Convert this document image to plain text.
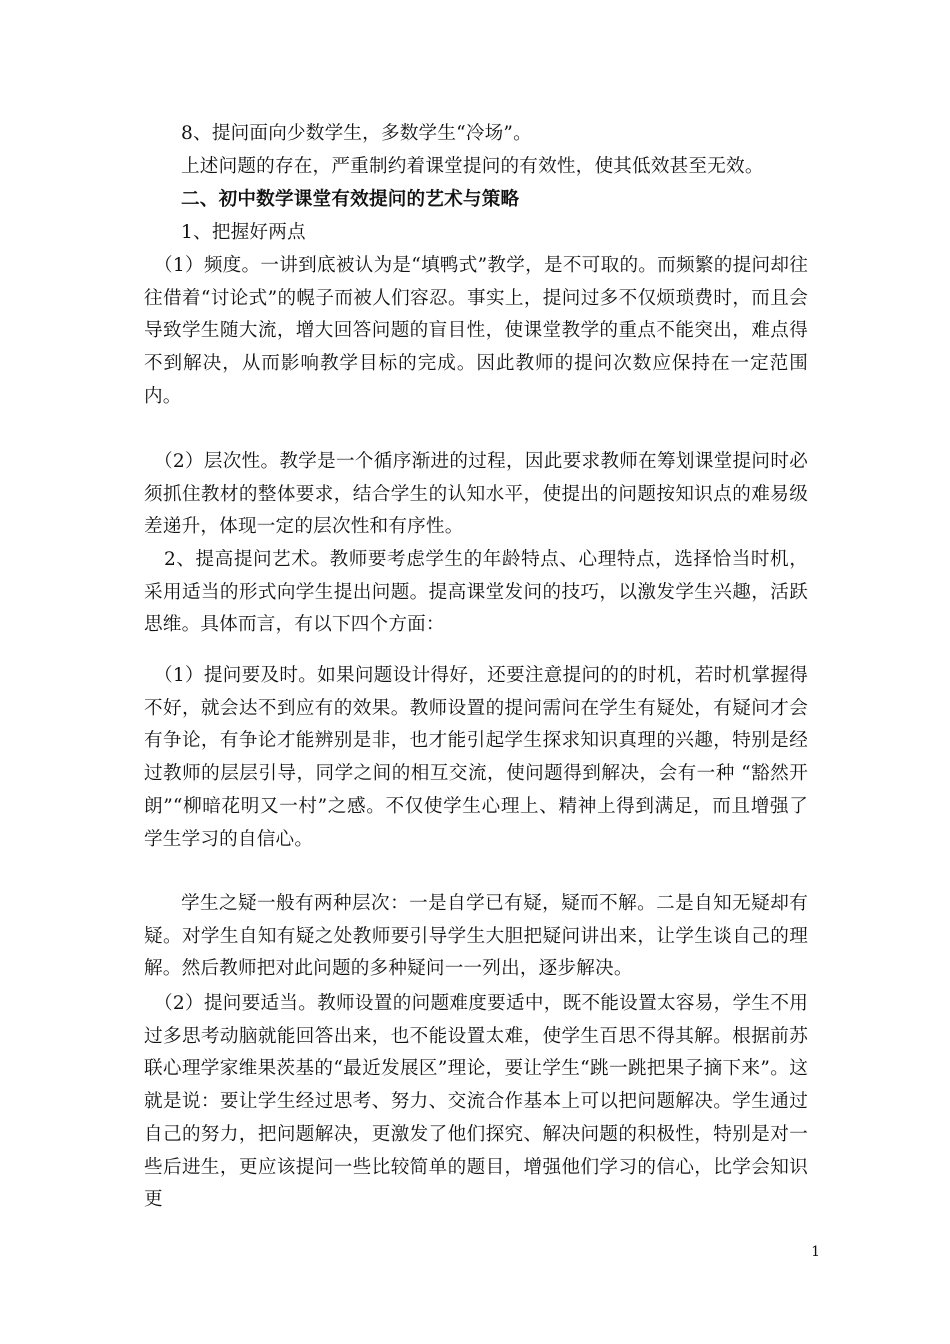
8、提问面向少数学生，多数学生“冷场”。

上述问题的存在，严重制约着课堂提问的有效性，使其低效甚至无效。

二、初中数学课堂有效提问的艺术与策略

1、把握好两点

（1）频度。一讲到底被认为是“填鸭式”教学，是不可取的。而频繁的提问却往往借着“讨论式”的幌子而被人们容忍。事实上，提问过多不仅烦琐费时，而且会导致学生随大流，增大回答问题的盲目性，使课堂教学的重点不能突出，难点得不到解决，从而影响教学目标的完成。因此教师的提问次数应保持在一定范围内。

（2）层次性。教学是一个循序渐进的过程，因此要求教师在筹划课堂提问时必须抓住教材的整体要求，结合学生的认知水平，使提出的问题按知识点的难易级差递升，体现一定的层次性和有序性。

2、提高提问艺术。教师要考虑学生的年龄特点、心理特点，选择恰当时机，采用适当的形式向学生提出问题。提高课堂发问的技巧，以激发学生兴趣，活跃思维。具体而言，有以下四个方面：

（1）提问要及时。如果问题设计得好，还要注意提问的的时机，若时机掌握得不好，就会达不到应有的效果。教师设置的提问需问在学生有疑处，有疑问才会有争论，有争论才能辨别是非，也才能引起学生探求知识真理的兴趣，特别是经过教师的层层引导，同学之间的相互交流，使问题得到解决，会有一种 “豁然开朗”“柳暗花明又一村”之感。不仅使学生心理上、精神上得到满足，而且增强了学生学习的自信心。

学生之疑一般有两种层次：一是自学已有疑，疑而不解。二是自知无疑却有疑。对学生自知有疑之处教师要引导学生大胆把疑问讲出来，让学生谈自己的理解。然后教师把对此问题的多种疑问一一列出，逐步解决。

（2）提问要适当。教师设置的问题难度要适中，既不能设置太容易，学生不用过多思考动脑就能回答出来，也不能设置太难，使学生百思不得其解。根据前苏联心理学家维果茨基的“最近发展区”理论，要让学生“跳一跳把果子摘下来”。这就是说：要让学生经过思考、努力、交流合作基本上可以把问题解决。学生通过自己的努力，把问题解决，更激发了他们探究、解决问题的积极性，特别是对一些后进生，更应该提问一些比较简单的题目，增强他们学习的信心，比学会知识更

1
